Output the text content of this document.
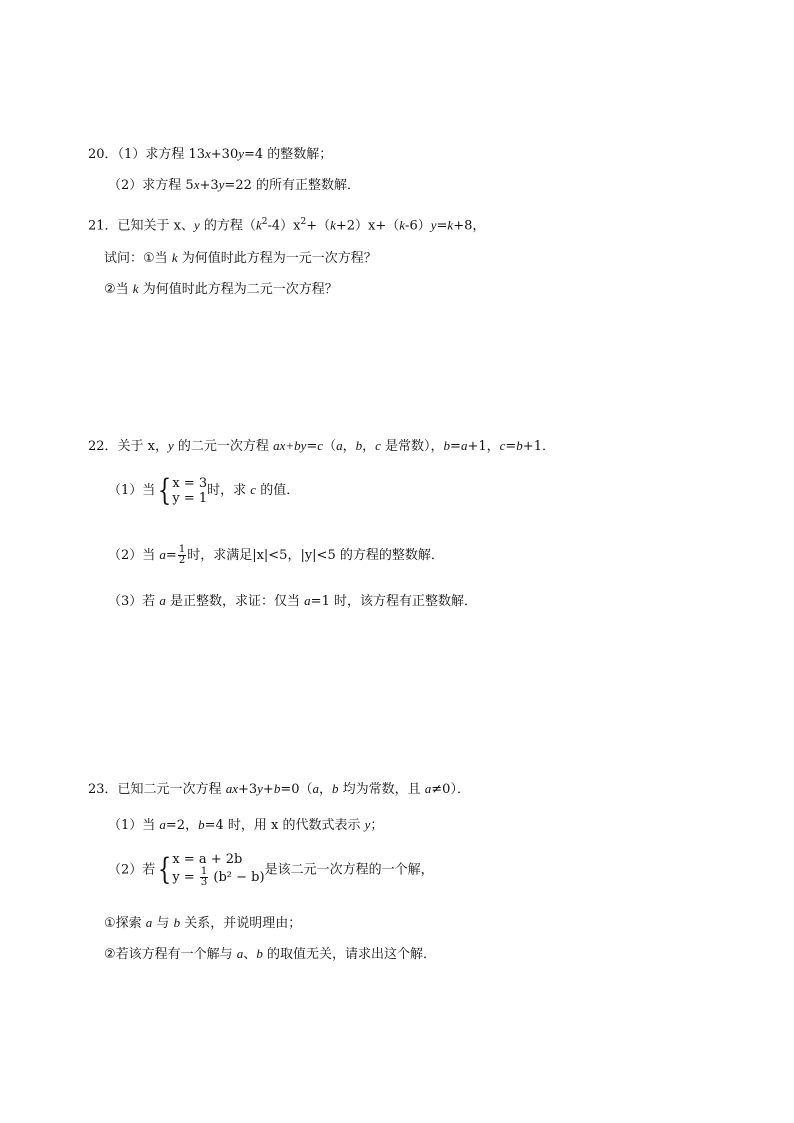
20．（1）求方程 13x+30y=4 的整数解；
（2）求方程 5x+3y=22 的所有正整数解．
21．已知关于 x、y 的方程$(k^2-4)x^2+(k+2)x+(k-6)y=k+8$，
试问：①当 k 为何值时此方程为一元一次方程？
②当 k 为何值时此方程为二元一次方程？
22．关于 x，y 的二元一次方程 ax+by=c（a，b，c 是常数），b=a+1，c=b+1．
（1）当{ x = 3
y = 1 时，求 c 的值．
（2）当 $a= \frac{1}{2}$ 时，求满足|x|<5，|y|<5 的方程的整数解．
（3）若 a 是正整数，求证：仅当 a=1 时，该方程有正整数解．
23．已知二元一次方程 ax+3y+b=0（a，b 均为常数，且 a≠0）．
（1）当 a=2，b=4 时，用 x 的代数式表示 y；
（2）若{ x = a + 2b
$y = \frac{1}{3} (b^2 - b)$ 是该二元一次方程的一个解，
①探索 a 与 b 关系，并说明理由；
②若该方程有一个解与 a、b 的取值无关，请求出这个解．
